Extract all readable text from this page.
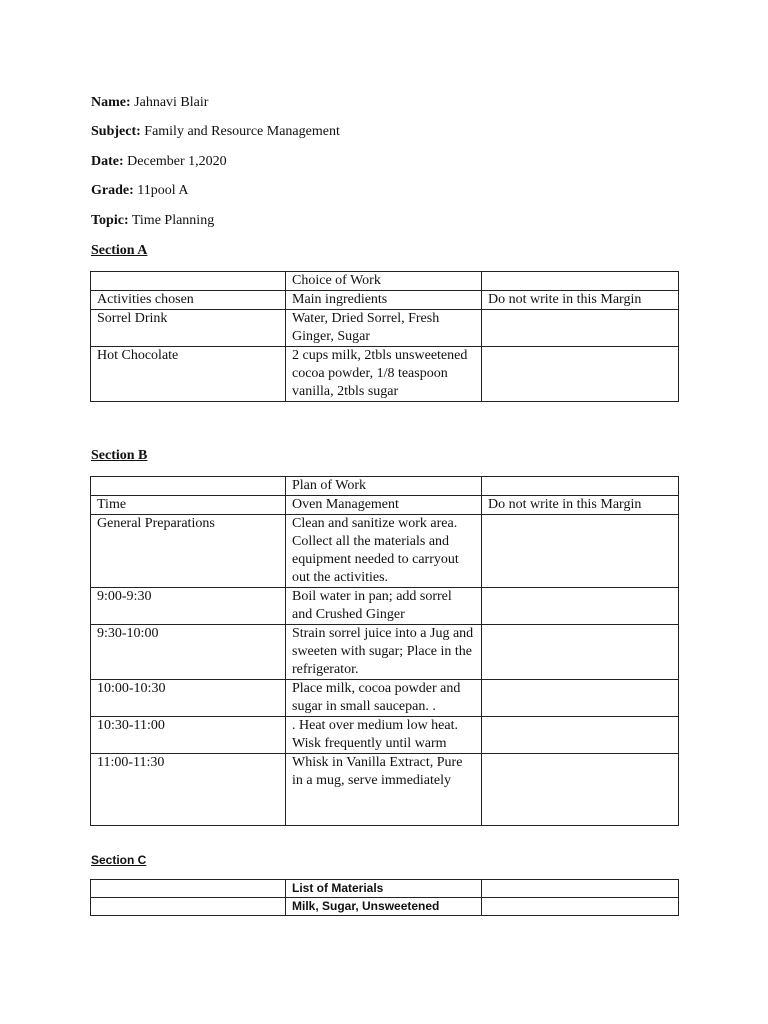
Name: Jahnavi Blair
Subject: Family and Resource Management
Date: December 1,2020
Grade: 11pool A
Topic: Time Planning
Section A
	Choice of Work	
Activities chosen	Main ingredients	Do not write in this Margin
Sorrel Drink	Water, Dried Sorrel, Fresh Ginger, Sugar	
Hot Chocolate	2 cups milk, 2tbls unsweetened cocoa powder, 1/8 teaspoon vanilla, 2tbls sugar	
Section B
	Plan of Work	
Time	Oven Management	Do not write in this Margin
General Preparations	Clean and sanitize work area. Collect all the materials and equipment needed to carryout out the activities.	
9:00-9:30	Boil water in pan; add sorrel and Crushed Ginger	
9:30-10:00	Strain sorrel juice into a Jug and sweeten with sugar; Place in the refrigerator.	
10:00-10:30	Place milk, cocoa powder and sugar in small saucepan. .	
10:30-11:00	. Heat over medium low heat. Wisk frequently until warm	
11:00-11:30	Whisk in Vanilla Extract, Pure in a mug, serve immediately	
Section C
	List of Materials	
	Milk, Sugar, Unsweetened	
